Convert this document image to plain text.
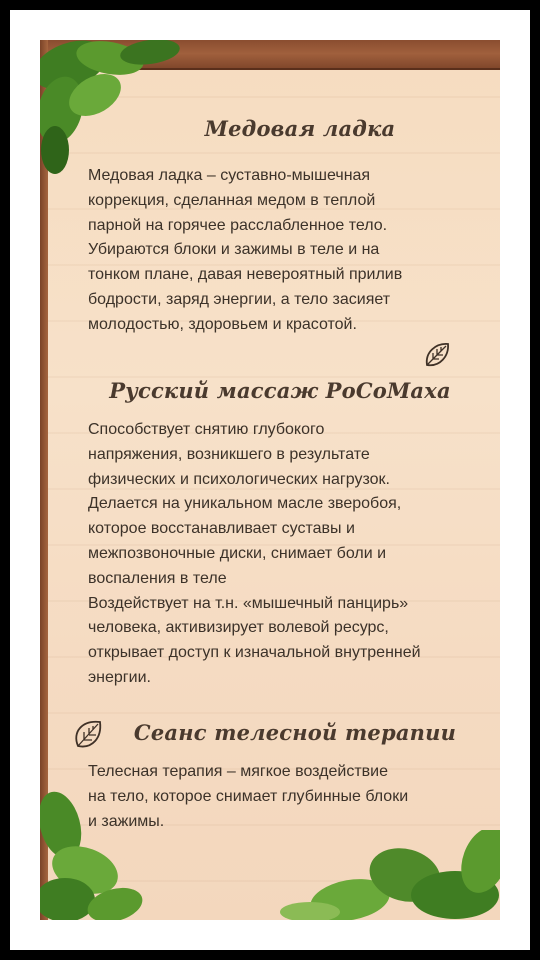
Медовая ладка
Медовая ладка – суставно-мышечная
коррекция, сделанная медом в теплой
парной на горячее расслабленное тело.
Убираются блоки и зажимы в теле и на
тонком плане, давая невероятный прилив
бодрости, заряд энергии, а тело засияет
молодостью, здоровьем и красотой.
Русский массаж РоСоМаха
Способствует снятию глубокого
напряжения, возникшего в результате
физических и психологических нагрузок.
Делается на уникальном масле зверобоя,
которое восстанавливает суставы и
межпозвоночные диски, снимает боли и
воспаления в теле
Воздействует на т.н. «мышечный панцирь»
человека, активизирует волевой ресурс,
открывает доступ к изначальной внутренней
энергии.
Сеанс телесной терапии
Телесная терапия – мягкое воздействие
на тело, которое снимает глубинные блоки
и зажимы.
